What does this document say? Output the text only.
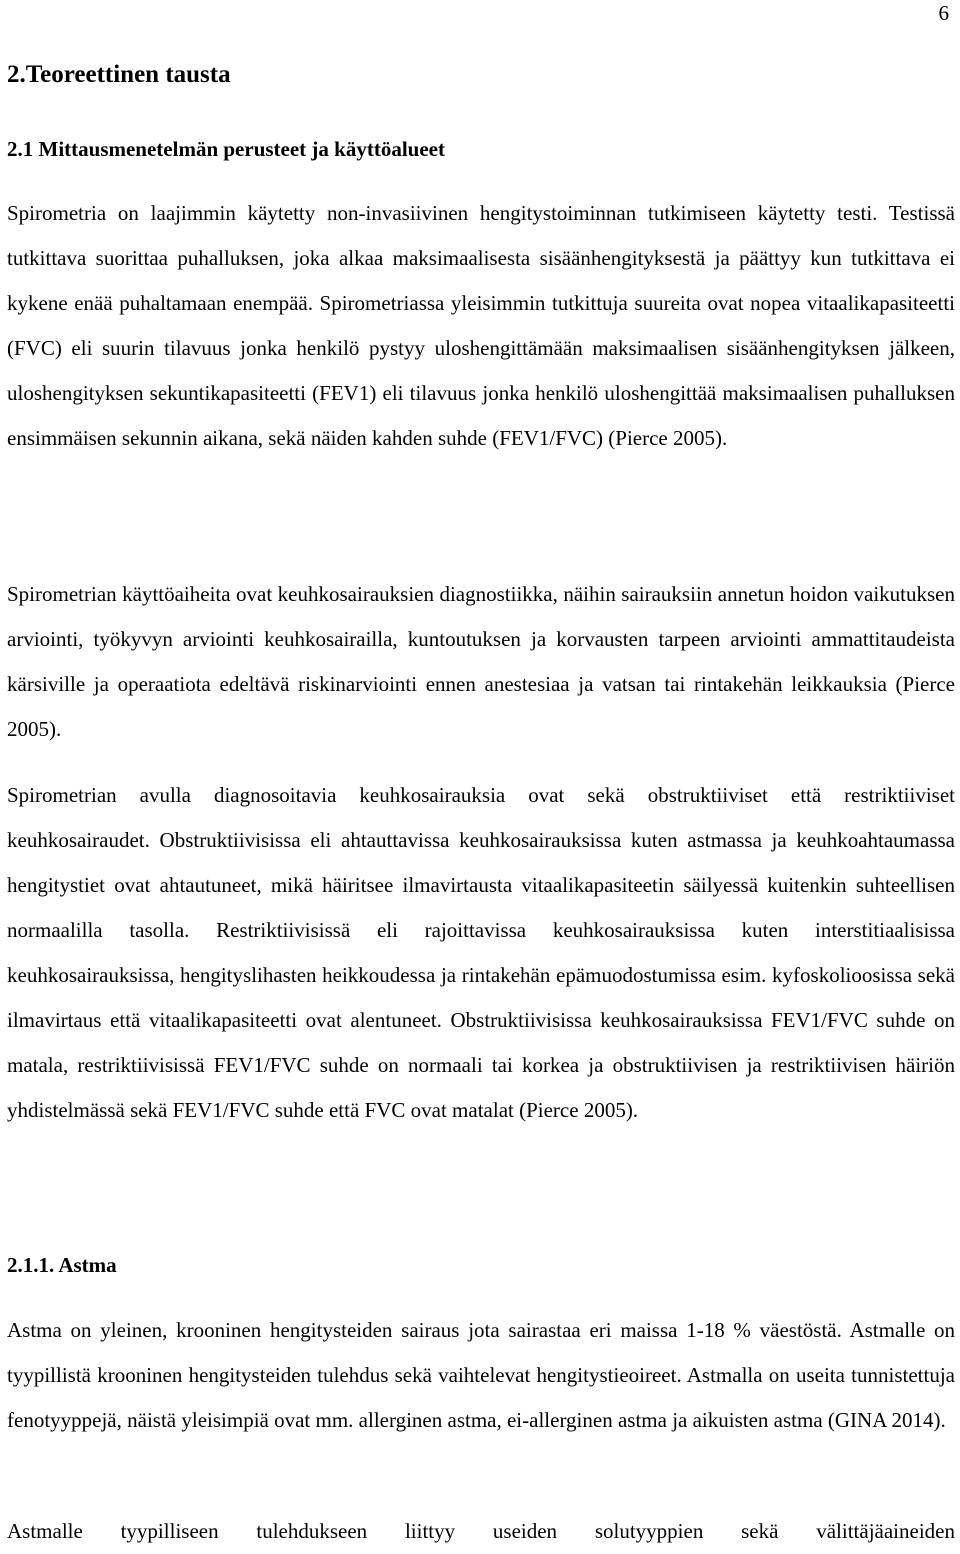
6
2.Teoreettinen tausta
2.1 Mittausmenetelmän perusteet ja käyttöalueet

Spirometria on laajimmin käytetty non-invasiivinen hengitystoiminnan tutkimiseen käytetty testi. Testissä tutkittava suorittaa puhalluksen, joka alkaa maksimaalisesta sisäänhengityksestä ja päättyy kun tutkittava ei kykene enää puhaltamaan enempää. Spirometriassa yleisimmin tutkittuja suureita ovat nopea vitaalikapasiteetti (FVC) eli suurin tilavuus jonka henkilö pystyy uloshengittämään maksimaalisen sisäänhengityksen jälkeen, uloshengityksen sekuntikapasiteetti (FEV1) eli tilavuus jonka henkilö uloshengittää maksimaalisen puhalluksen ensimmäisen sekunnin aikana, sekä näiden kahden suhde (FEV1/FVC) (Pierce 2005).

Spirometrian käyttöaiheita ovat keuhkosairauksien diagnostiikka, näihin sairauksiin annetun hoidon vaikutuksen arviointi, työkyvyn arviointi keuhkosairailla, kuntoutuksen ja korvausten tarpeen arviointi ammattitaudeista kärsiville ja operaatiota edeltävä riskinarviointi ennen anestesiaa ja vatsan tai rintakehän leikkauksia (Pierce 2005).

Spirometrian avulla diagnosoitavia keuhkosairauksia ovat sekä obstruktiiviset että restriktiiviset keuhkosairaudet. Obstruktiivisissa eli ahtauttavissa keuhkosairauksissa kuten astmassa ja keuhkoahtaumassa hengitystiet ovat ahtautuneet, mikä häiritsee ilmavirtausta vitaalikapasiteetin säilyessä kuitenkin suhteellisen normaalilla tasolla. Restriktiivisissä eli rajoittavissa keuhkosairauksissa kuten interstitiaalisissa keuhkosairauksissa, hengityslihasten heikkoudessa ja rintakehän epämuodostumissa esim. kyfoskolioosissa sekä ilmavirtaus että vitaalikapasiteetti ovat alentuneet. Obstruktiivisissa keuhkosairauksissa FEV1/FVC suhde on matala, restriktiivisissä FEV1/FVC suhde on normaali tai korkea ja obstruktiivisen ja restriktiivisen häiriön yhdistelmässä sekä FEV1/FVC suhde että FVC ovat matalat (Pierce 2005).

2.1.1. Astma

Astma on yleinen, krooninen hengitysteiden sairaus jota sairastaa eri maissa 1-18 % väestöstä. Astmalle on tyypillistä krooninen hengitysteiden tulehdus sekä vaihtelevat hengitystieoireet. Astmalla on useita tunnistettuja fenotyyppejä, näistä yleisimpiä ovat mm. allerginen astma, ei-allerginen astma ja aikuisten astma (GINA 2014).

Astmalle tyypilliseen tulehdukseen liittyy useiden solutyyppien sekä välittäjäaineiden
